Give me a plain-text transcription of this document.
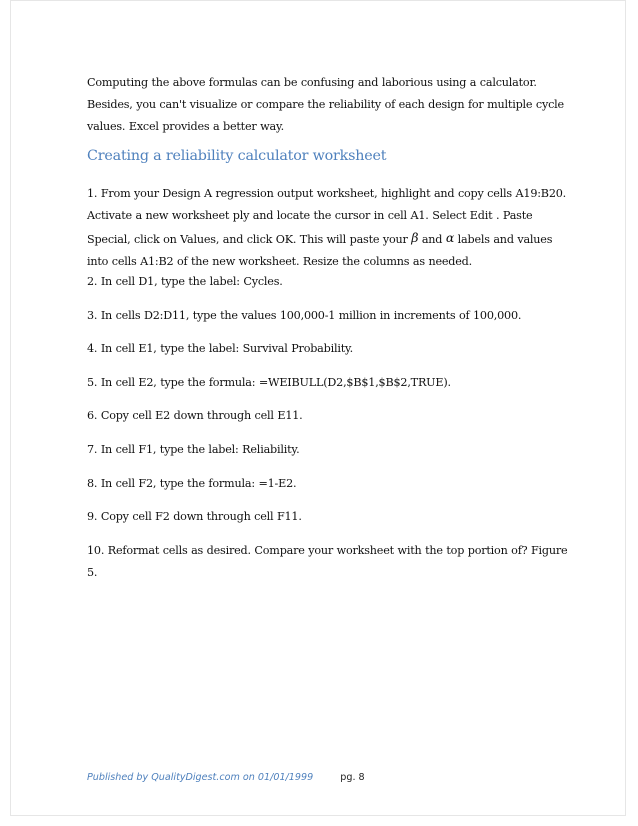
Computing the above formulas can be confusing and laborious using a calculator. Besides, you can't visualize or compare the reliability of each design for multiple cycle values. Excel provides a better way.

Creating a reliability calculator worksheet

1. From your Design A regression output worksheet, highlight and copy cells A19:B20. Activate a new worksheet ply and locate the cursor in cell A1. Select Edit . Paste Special, click on Values, and click OK. This will paste your β and α labels and values into cells A1:B2 of the new worksheet. Resize the columns as needed.

2. In cell D1, type the label: Cycles.

3. In cells D2:D11, type the values 100,000-1 million in increments of 100,000.

4. In cell E1, type the label: Survival Probability.

5. In cell E2, type the formula: =WEIBULL(D2,$B$1,$B$2,TRUE).

6. Copy cell E2 down through cell E11.

7. In cell F1, type the label: Reliability.

8. In cell F2, type the formula: =1-E2.

9. Copy cell F2 down through cell F11.

10. Reformat cells as desired. Compare your worksheet with the top portion of? Figure 5.

Published by QualityDigest.com on 01/01/1999	pg. 8
